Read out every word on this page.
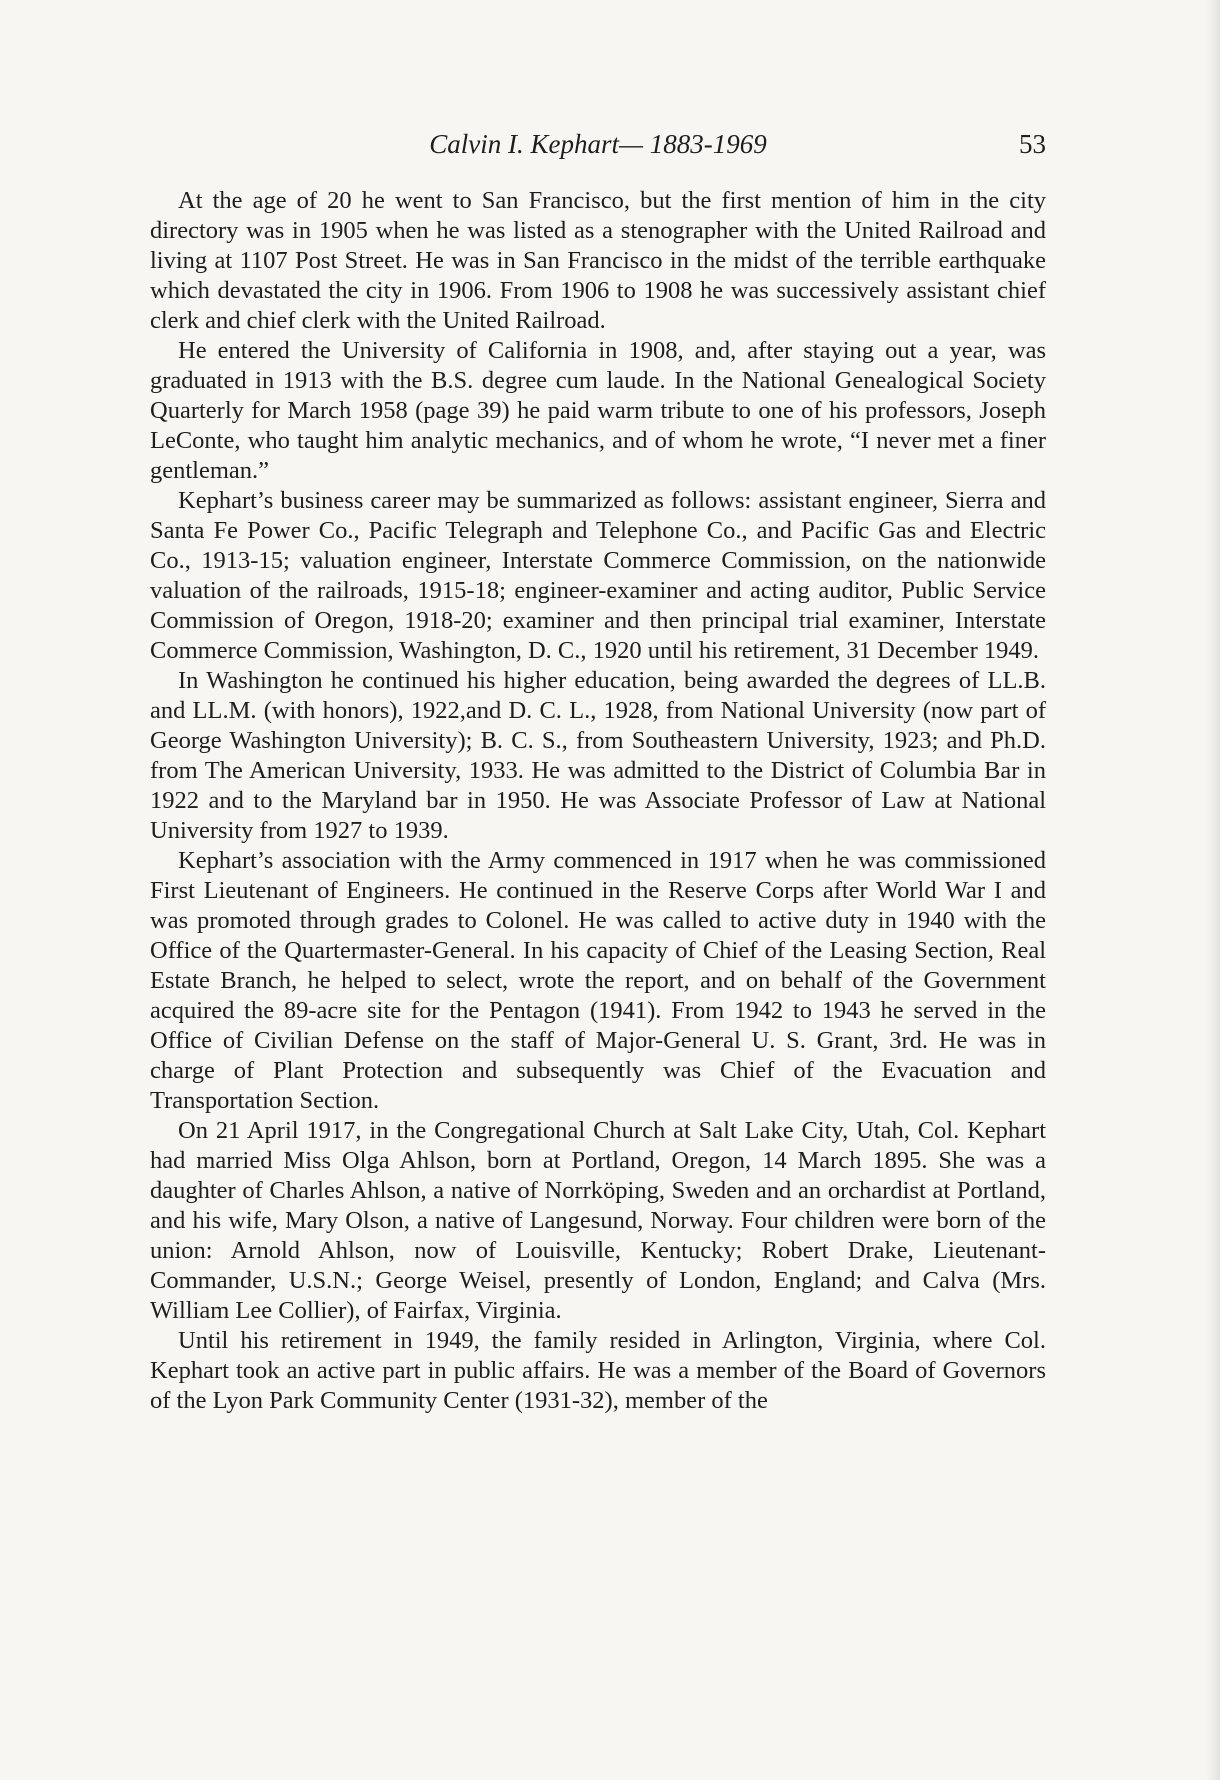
Calvin I. Kephart— 1883-1969	53

At the age of 20 he went to San Francisco, but the first mention of him in the city directory was in 1905 when he was listed as a stenographer with the United Railroad and living at 1107 Post Street. He was in San Francisco in the midst of the terrible earthquake which devastated the city in 1906. From 1906 to 1908 he was successively assistant chief clerk and chief clerk with the United Railroad.

He entered the University of California in 1908, and, after staying out a year, was graduated in 1913 with the B.S. degree cum laude. In the National Genealogical Society Quarterly for March 1958 (page 39) he paid warm tribute to one of his professors, Joseph LeConte, who taught him analytic mechanics, and of whom he wrote, “I never met a finer gentleman.”

Kephart’s business career may be summarized as follows: assistant engineer, Sierra and Santa Fe Power Co., Pacific Telegraph and Telephone Co., and Pacific Gas and Electric Co., 1913-15; valuation engineer, Interstate Commerce Commission, on the nationwide valuation of the railroads, 1915-18; engineer-examiner and acting auditor, Public Service Commission of Oregon, 1918-20; examiner and then principal trial examiner, Interstate Commerce Commission, Washington, D. C., 1920 until his retirement, 31 December 1949.

In Washington he continued his higher education, being awarded the degrees of LL.B. and LL.M. (with honors), 1922,and D. C. L., 1928, from National University (now part of George Washington University); B. C. S., from Southeastern University, 1923; and Ph.D. from The American University, 1933. He was admitted to the District of Columbia Bar in 1922 and to the Maryland bar in 1950. He was Associate Professor of Law at National University from 1927 to 1939.

Kephart’s association with the Army commenced in 1917 when he was commissioned First Lieutenant of Engineers. He continued in the Reserve Corps after World War I and was promoted through grades to Colonel. He was called to active duty in 1940 with the Office of the Quartermaster-General. In his capacity of Chief of the Leasing Section, Real Estate Branch, he helped to select, wrote the report, and on behalf of the Government acquired the 89-acre site for the Pentagon (1941). From 1942 to 1943 he served in the Office of Civilian Defense on the staff of Major-General U. S. Grant, 3rd. He was in charge of Plant Protection and subsequently was Chief of the Evacuation and Transportation Section.

On 21 April 1917, in the Congregational Church at Salt Lake City, Utah, Col. Kephart had married Miss Olga Ahlson, born at Portland, Oregon, 14 March 1895. She was a daughter of Charles Ahlson, a native of Norrköping, Sweden and an orchardist at Portland, and his wife, Mary Olson, a native of Langesund, Norway. Four children were born of the union: Arnold Ahlson, now of Louisville, Kentucky; Robert Drake, Lieutenant-Commander, U.S.N.; George Weisel, presently of London, England; and Calva (Mrs. William Lee Collier), of Fairfax, Virginia.

Until his retirement in 1949, the family resided in Arlington, Virginia, where Col. Kephart took an active part in public affairs. He was a member of the Board of Governors of the Lyon Park Community Center (1931-32), member of the
